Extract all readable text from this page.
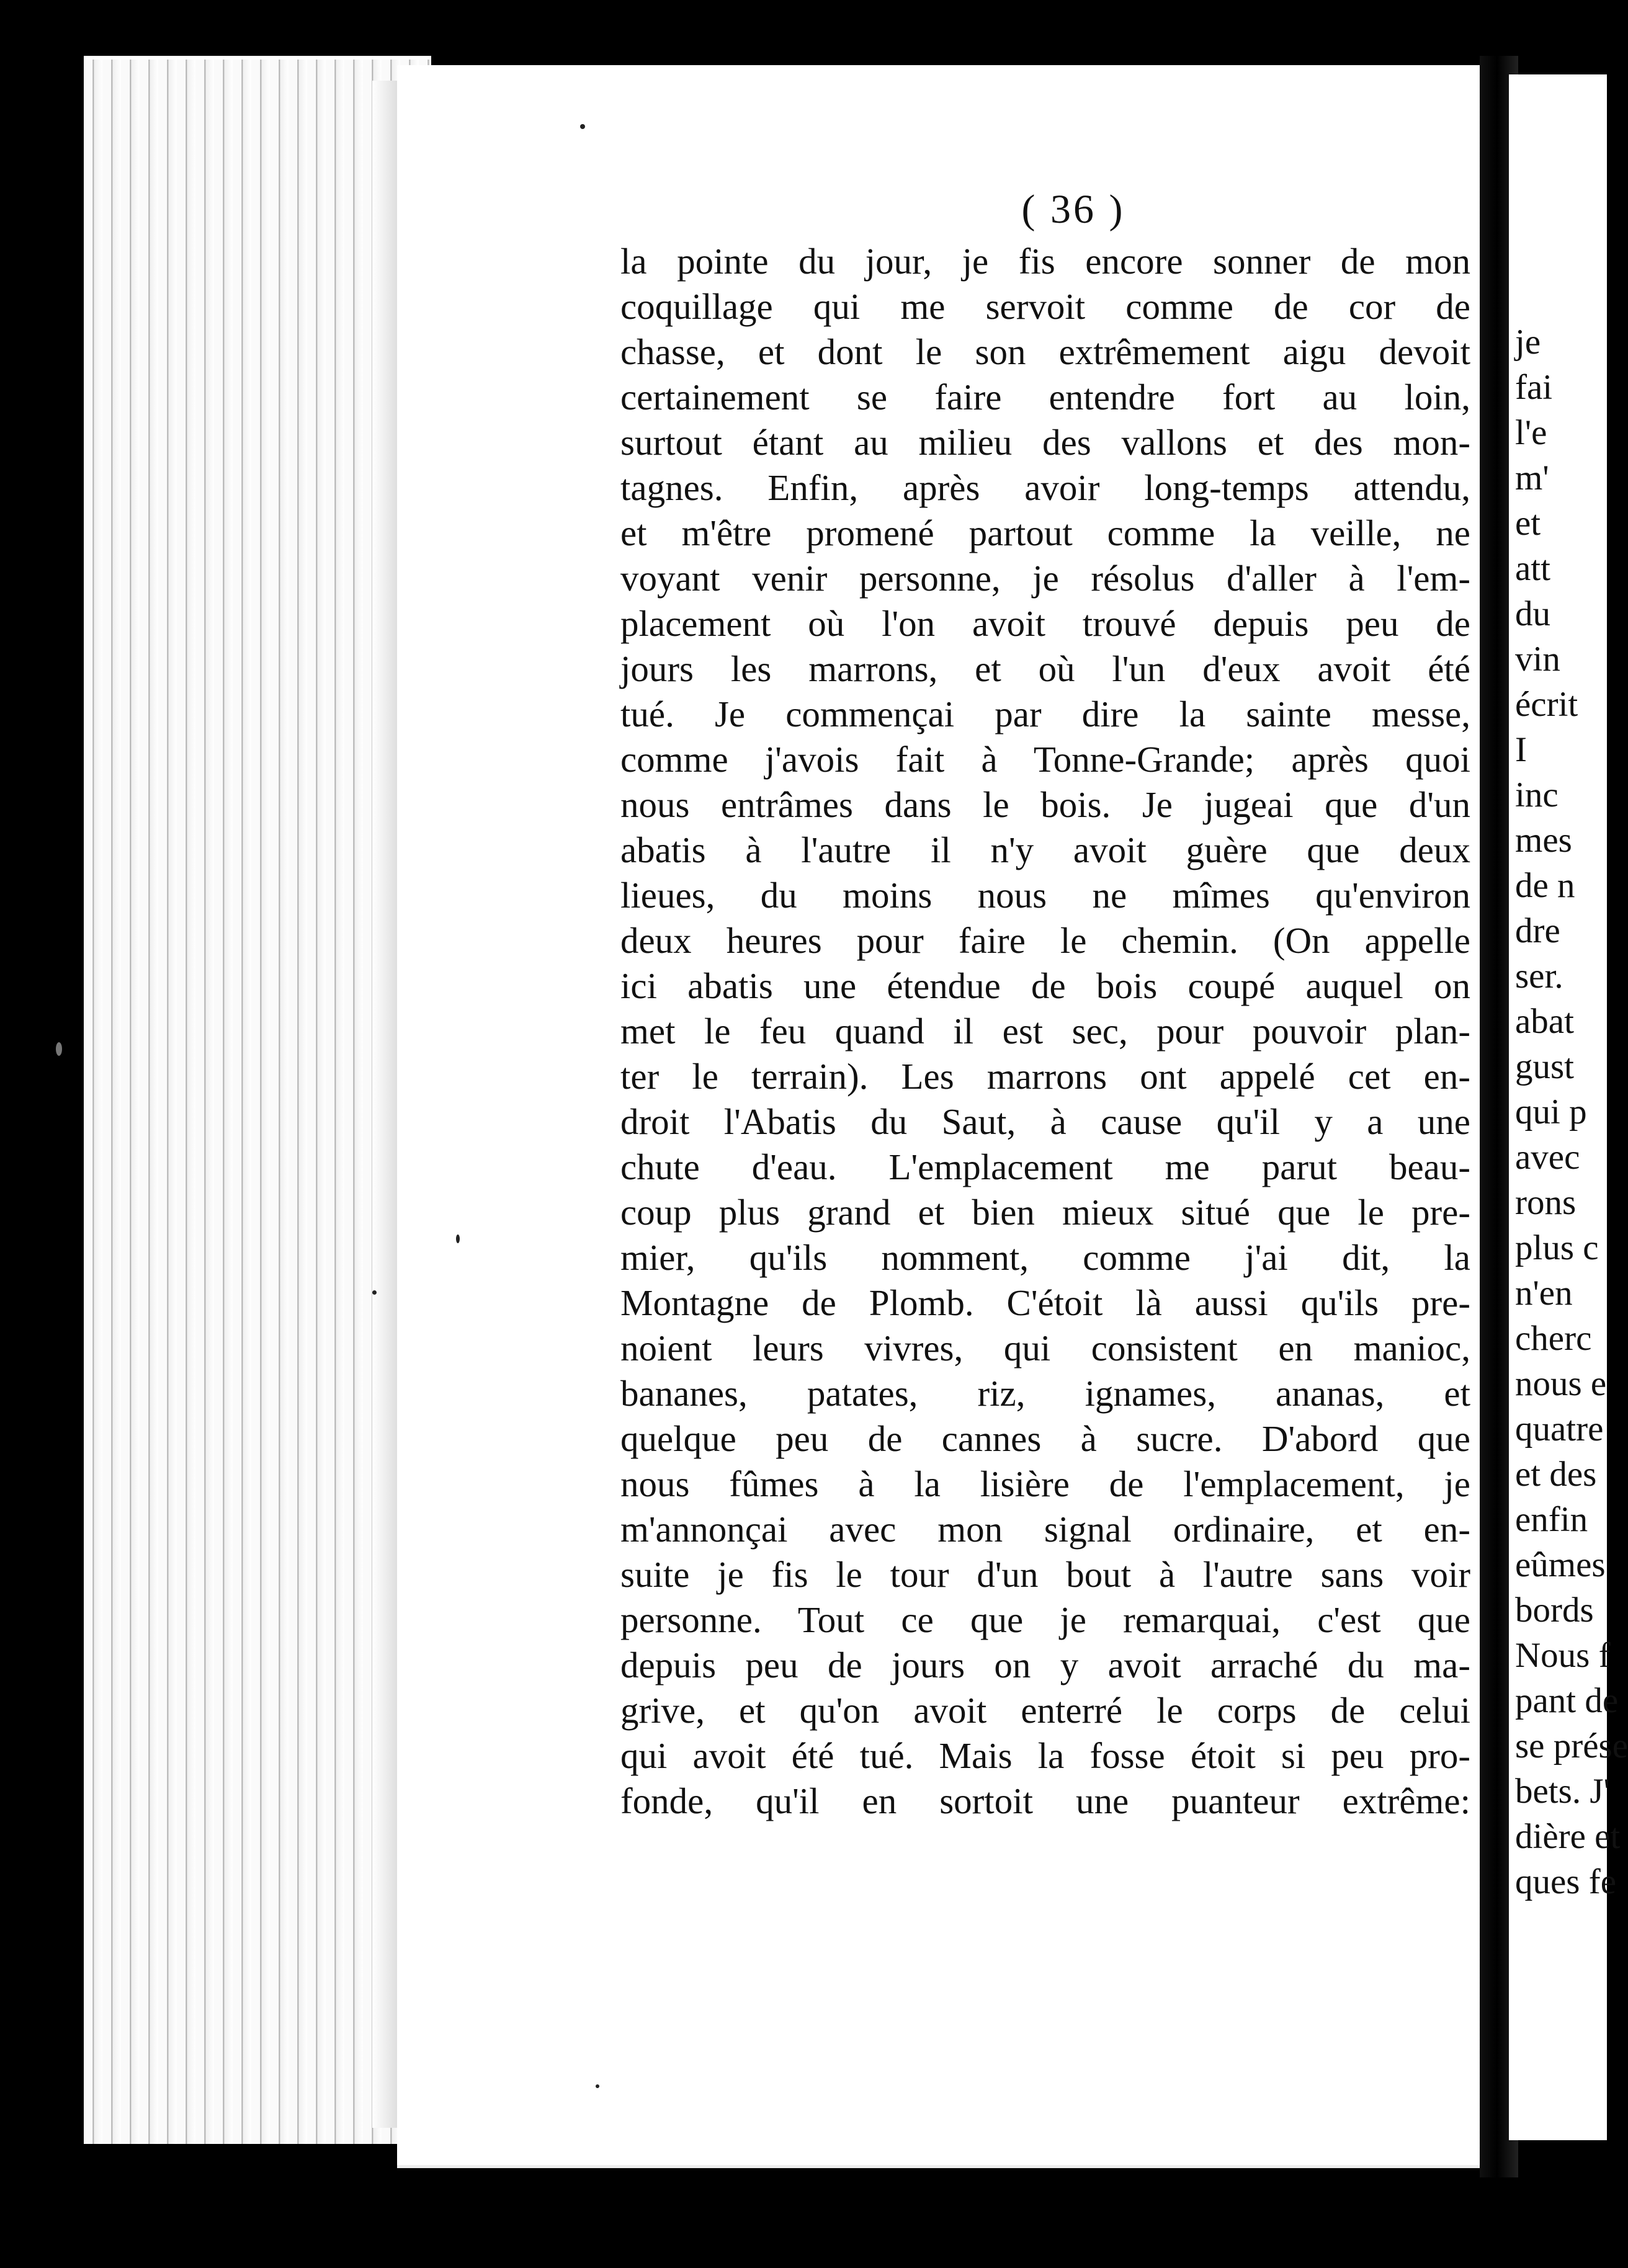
( 36 )
la pointe du jour, je fis encore sonner de mon
coquillage qui me servoit comme de cor de
chasse, et dont le son extrêmement aigu devoit
certainement se faire entendre fort au loin,
surtout étant au milieu des vallons et des mon-
tagnes. Enfin, après avoir long-temps attendu,
et m'être promené partout comme la veille, ne
voyant venir personne, je résolus d'aller à l'em-
placement où l'on avoit trouvé depuis peu de
jours les marrons, et où l'un d'eux avoit été
tué. Je commençai par dire la sainte messe,
comme j'avois fait à Tonne-Grande; après quoi
nous entrâmes dans le bois. Je jugeai que d'un
abatis à l'autre il n'y avoit guère que deux
lieues, du moins nous ne mîmes qu'environ
deux heures pour faire le chemin. (On appelle
ici abatis une étendue de bois coupé auquel on
met le feu quand il est sec, pour pouvoir plan-
ter le terrain). Les marrons ont appelé cet en-
droit l'Abatis du Saut, à cause qu'il y a une
chute d'eau. L'emplacement me parut beau-
coup plus grand et bien mieux situé que le pre-
mier, qu'ils nomment, comme j'ai dit, la
Montagne de Plomb. C'étoit là aussi qu'ils pre-
noient leurs vivres, qui consistent en manioc,
bananes, patates, riz, ignames, ananas, et
quelque peu de cannes à sucre. D'abord que
nous fûmes à la lisière de l'emplacement, je
m'annonçai avec mon signal ordinaire, et en-
suite je fis le tour d'un bout à l'autre sans voir
personne. Tout ce que je remarquai, c'est que
depuis peu de jours on y avoit arraché du ma-
grive, et qu'on avoit enterré le corps de celui
qui avoit été tué. Mais la fosse étoit si peu pro-
fonde, qu'il en sortoit une puanteur extrême:
je
fai
l'e
m'
et
att
du
vin
écrit
I
inc
mes
de n
dre
ser.
abat
gust
qui p
avec
rons
plus c
n'en
cherc
nous e
quatre
et des
enfin
eûmes
bords
Nous f
pant de
se prése
bets. J'
dière et
ques fe
